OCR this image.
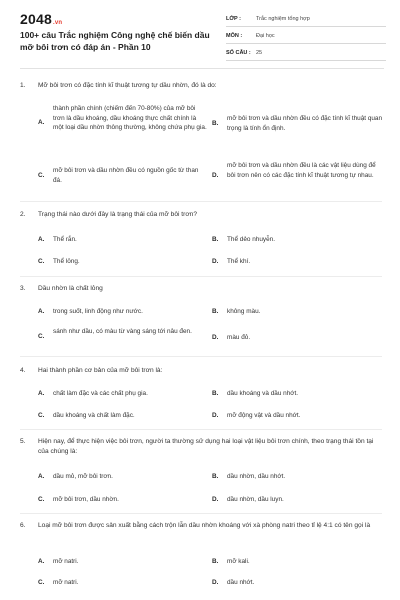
2048.vn
100+ câu Trắc nghiệm Công nghệ chế biến dầu mỡ bôi trơn có đáp án - Phần 10
LỚP :	Trắc nghiệm tổng hợp
MÔN :	Đại học
SỐ CÂU : 25
1. Mỡ bôi trơn có đặc tính kĩ thuật tương tự dầu nhờn, đó là do:
A.
thành phần chính (chiếm đến 70-80%) của mỡ bôi trơn là dầu khoáng, dầu khoáng thực chất chính là một loại dầu nhờn thông thường, không chứa phụ gia.
B.
mỡ bôi trơn và dầu nhờn đều có đặc tính kĩ thuật quan trọng là tính ổn định.
C.
mỡ bôi trơn và dầu nhờn đều có nguồn gốc từ than đá.
D.
mỡ bôi trơn và dầu nhờn đều là các vật liệu dùng để bôi trơn nên có các đặc tính kĩ thuật tương tự nhau.
2. Trạng thái nào dưới đây là trạng thái của mỡ bôi trơn?
A.	Thể rắn.	B.	Thể dẻo nhuyễn.
C.	Thể lỏng.	D.	Thể khí.
3. Dầu nhờn là chất lỏng
A.	trong suốt, linh động như nước.	B.	không màu.
C.
sánh như dầu, có màu từ vàng sáng tới nâu đen.
D.	màu đỏ.
4. Hai thành phần cơ bản của mỡ bôi trơn là:
A.	chất làm đặc và các chất phụ gia.	B.	dầu khoáng và dầu nhớt.
C.	dầu khoáng và chất làm đặc.	D.	mỡ động vật và dầu nhớt.
5. Hiện nay, để thực hiện việc bôi trơn, người ta thường sử dụng hai loại vật liệu bôi trơn chính, theo trạng thái tồn tại của chúng là:
A.	dầu mỏ, mỡ bôi trơn.	B.	dầu nhờn, dầu nhớt.
C.	mỡ bôi trơn, dầu nhờn.	D.	dầu nhờn, dầu luyn.
6. Loại mỡ bôi trơn được sản xuất bằng cách trộn lẫn dầu nhờn khoáng với xà phòng natri theo tỉ lệ 4:1 có tên gọi là
A.	mỡ natri.	B.	mỡ kali.
C.	mỡ natri.	D.	dầu nhớt.
